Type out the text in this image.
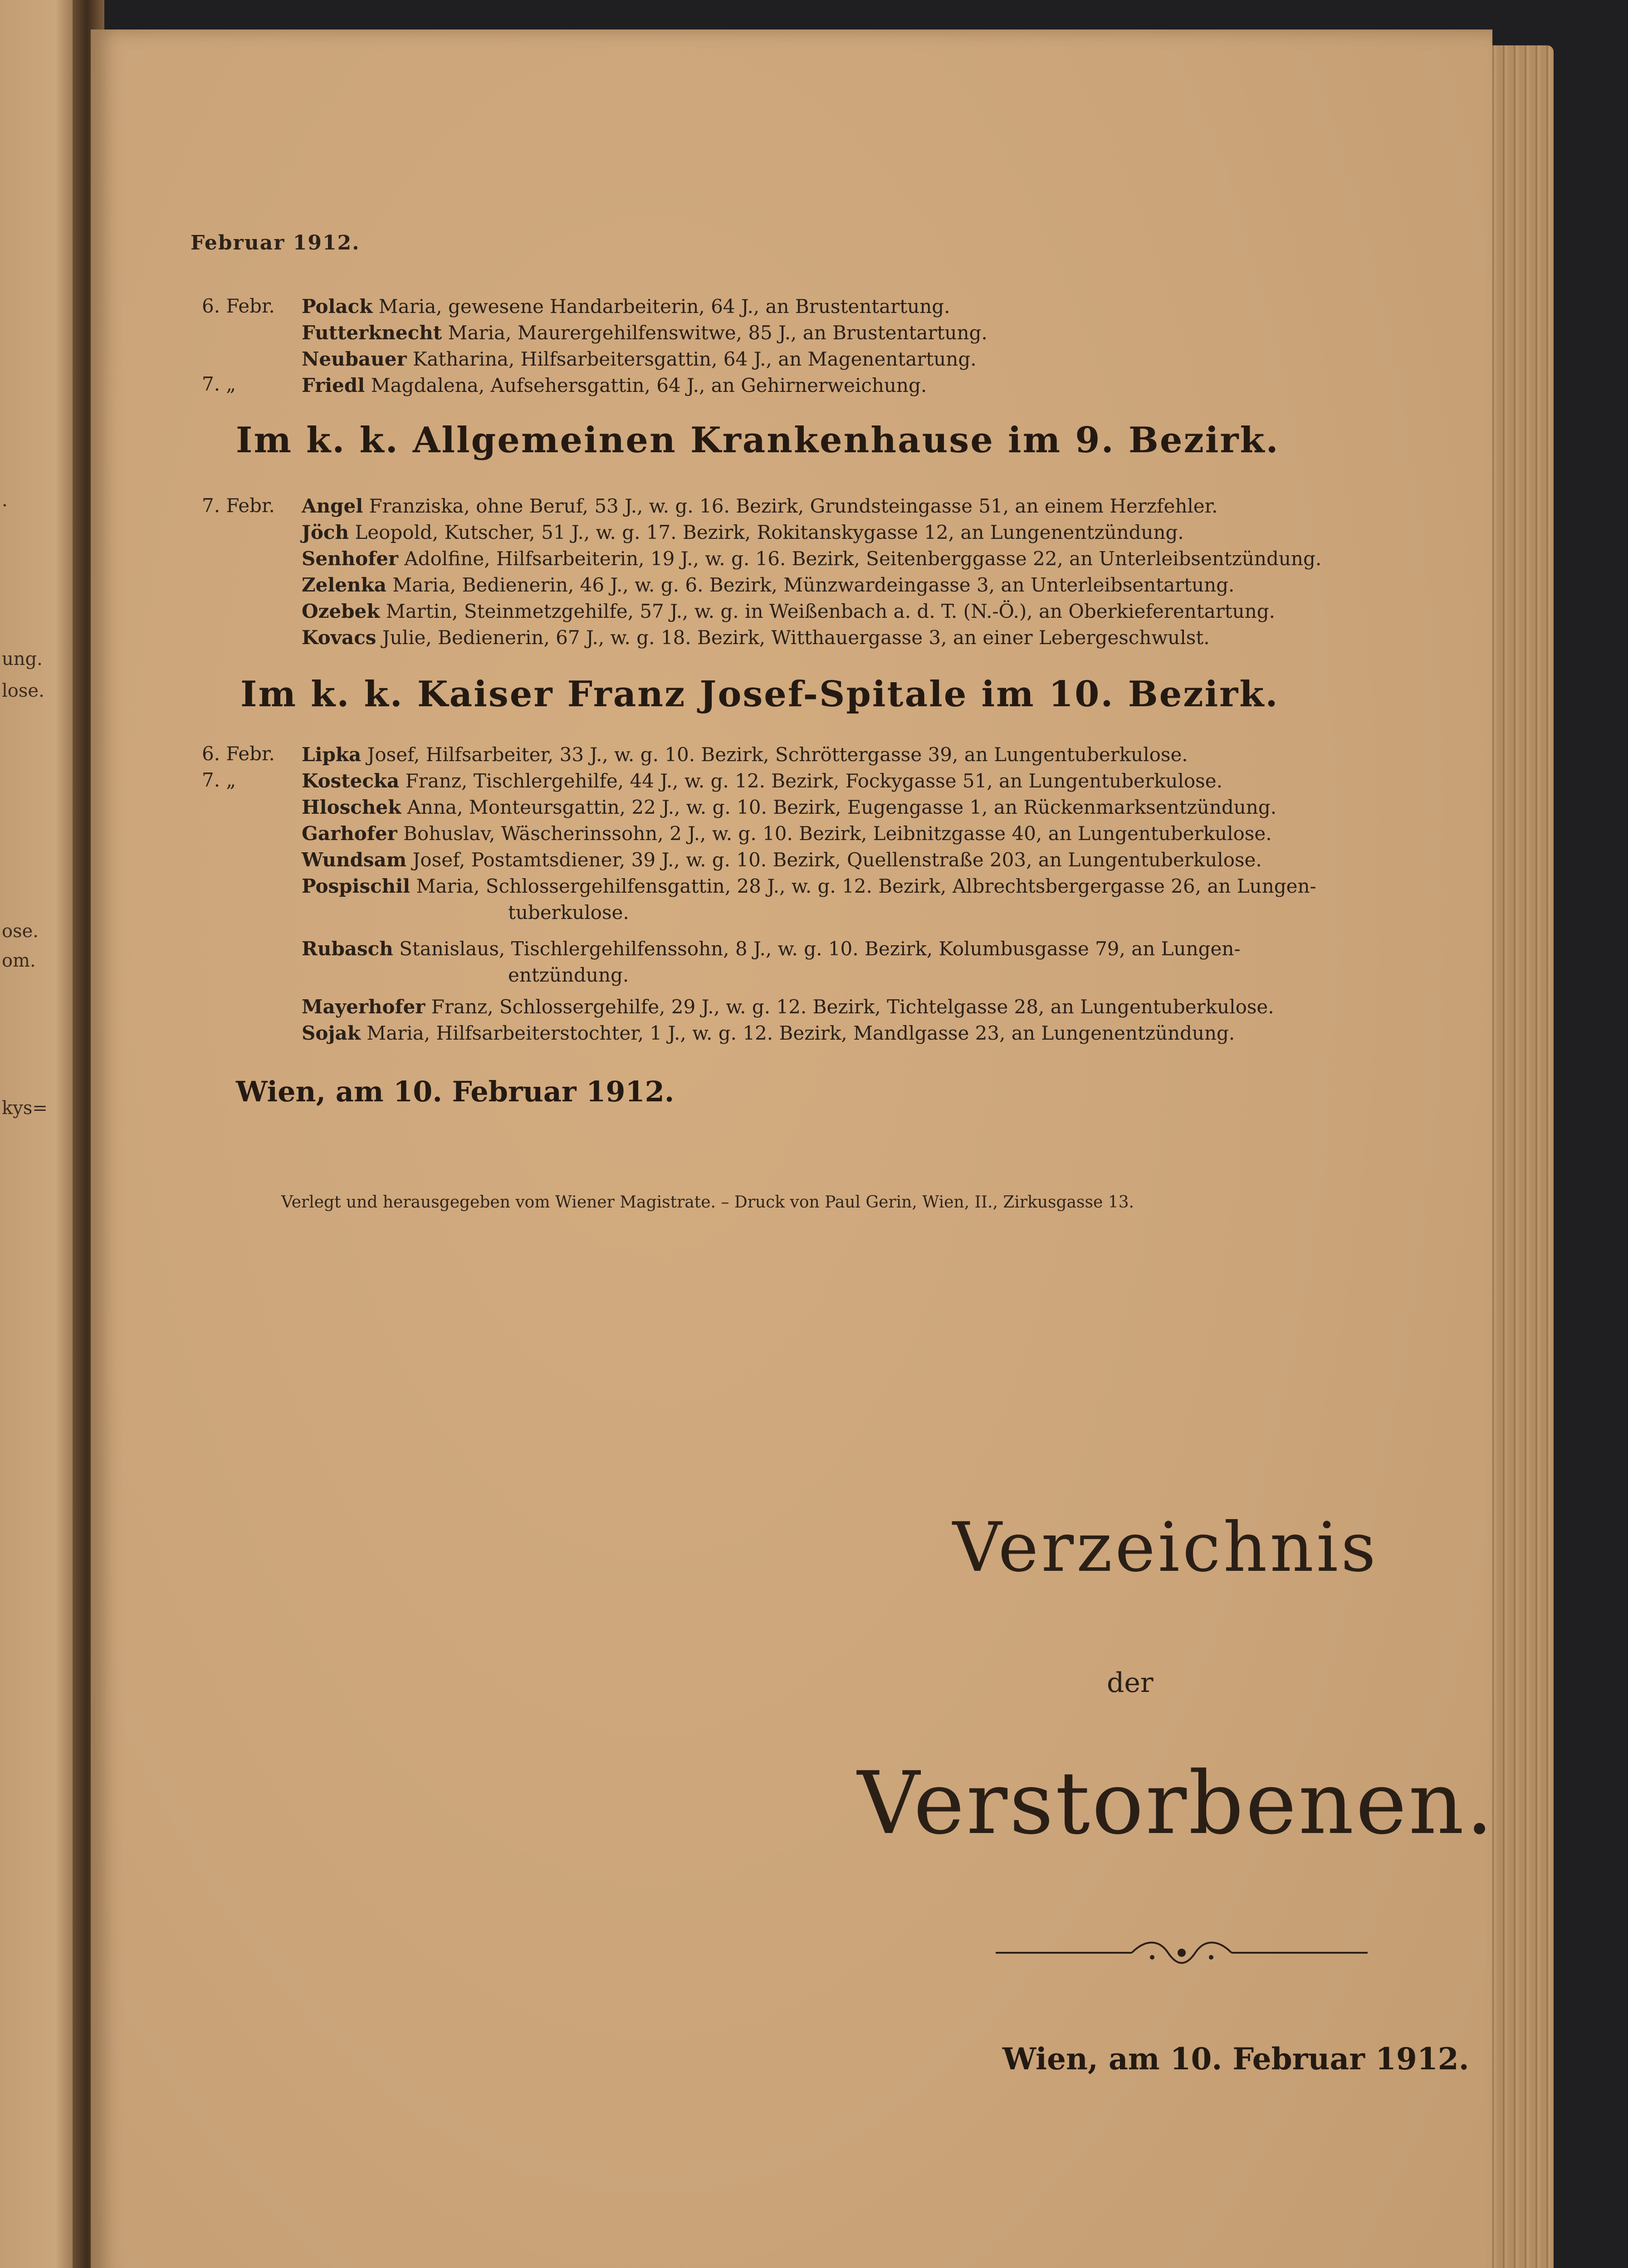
.
ung.
lose.
ose.
om.
kys=
Februar 1912.
6. Febr. Polack Maria, gewesene Handarbeiterin, 64 J., an Brustentartung.
Futterknecht Maria, Maurergehilfenswitwe, 85 J., an Brustentartung.
Neubauer Katharina, Hilfsarbeitersgattin, 64 J., an Magenentartung.
7. „	Friedl Magdalena, Aufsehersgattin, 64 J., an Gehirnerweichung.
Im k. k. Allgemeinen Krankenhause im 9. Bezirk.
7. Febr. Angel Franziska, ohne Beruf, 53 J., w. g. 16. Bezirk, Grundsteingasse 51, an einem Herzfehler.
Jöch Leopold, Kutscher, 51 J., w. g. 17. Bezirk, Rokitanskygasse 12, an Lungenentzündung.
Senhofer Adolfine, Hilfsarbeiterin, 19 J., w. g. 16. Bezirk, Seitenberggasse 22, an Unterleibsentzündung.
Zelenka Maria, Bedienerin, 46 J., w. g. 6. Bezirk, Münzwardeingasse 3, an Unterleibsentartung.
Ozebek Martin, Steinmetzgehilfe, 57 J., w. g. in Weißenbach a. d. T. (N.-Ö.), an Oberkieferentartung.
Kovacs Julie, Bedienerin, 67 J., w. g. 18. Bezirk, Witthauergasse 3, an einer Lebergeschwulst.
Im k. k. Kaiser Franz Josef-Spitale im 10. Bezirk.
6. Febr. Lipka Josef, Hilfsarbeiter, 33 J., w. g. 10. Bezirk, Schröttergasse 39, an Lungentuberkulose.
7. „	Kostecka Franz, Tischlergehilfe, 44 J., w. g. 12. Bezirk, Fockygasse 51, an Lungentuberkulose.
Hloschek Anna, Monteursgattin, 22 J., w. g. 10. Bezirk, Eugengasse 1, an Rückenmarksentzündung.
Garhofer Bohuslav, Wäscherinssohn, 2 J., w. g. 10. Bezirk, Leibnitzgasse 40, an Lungentuberkulose.
Wundsam Josef, Postamtsdiener, 39 J., w. g. 10. Bezirk, Quellenstraße 203, an Lungentuberkulose.
Pospischil Maria, Schlossergehilfensgattin, 28 J., w. g. 12. Bezirk, Albrechtsbergergasse 26, an Lungen-
tuberkulose.
Rubasch Stanislaus, Tischlergehilfenssohn, 8 J., w. g. 10. Bezirk, Kolumbusgasse 79, an Lungen-
entzündung.
Mayerhofer Franz, Schlossergehilfe, 29 J., w. g. 12. Bezirk, Tichtelgasse 28, an Lungentuberkulose.
Sojak Maria, Hilfsarbeiterstochter, 1 J., w. g. 12. Bezirk, Mandlgasse 23, an Lungenentzündung.
Wien, am 10. Februar 1912.
Verlegt und herausgegeben vom Wiener Magistrate. – Druck von Paul Gerin, Wien, II., Zirkusgasse 13.
Verzeichnis
der
Verstorbenen.
Wien, am 10. Februar 1912.
